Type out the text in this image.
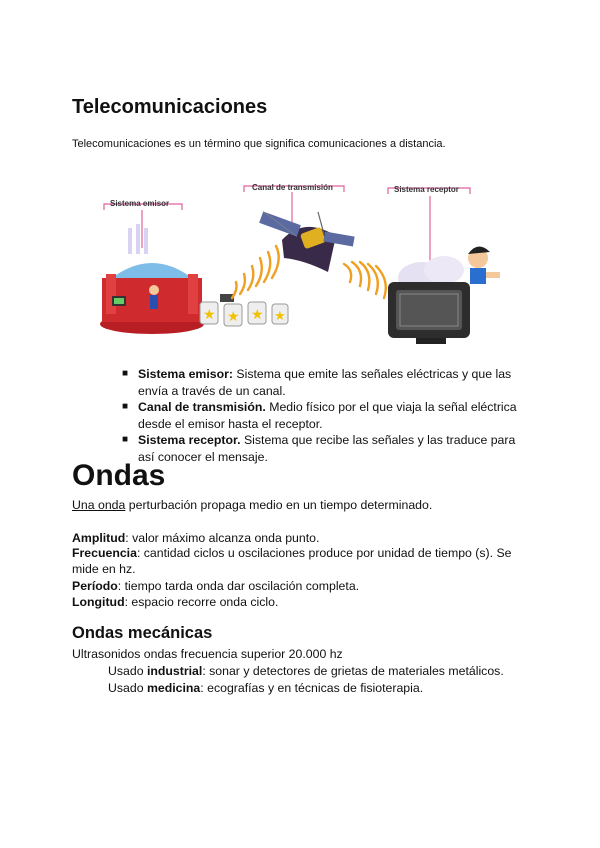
Telecomunicaciones
Telecomunicaciones es un término que significa comunicaciones a distancia.
Sistema emisor
Canal de transmisión	Sistema receptor
★ ★ ★ ★
■ Sistema emisor: Sistema que emite las señales eléctricas y que las envía a través de un canal.
■ Canal de transmisión. Medio físico por el que viaja la señal eléctrica desde el emisor hasta el receptor.
■ Sistema receptor. Sistema que recibe las señales y las traduce para así conocer el mensaje.
Ondas
Una onda perturbación propaga medio en un tiempo determinado.
Amplitud: valor máximo alcanza onda punto.
Frecuencia: cantidad ciclos u oscilaciones produce por unidad de tiempo (s). Se mide en hz.
Período: tiempo tarda onda dar oscilación completa.
Longitud: espacio recorre onda ciclo.
Ondas mecánicas
Ultrasonidos ondas frecuencia superior 20.000 hz
Usado industrial: sonar y detectores de grietas de materiales metálicos.
Usado medicina: ecografías y en técnicas de fisioterapia.
